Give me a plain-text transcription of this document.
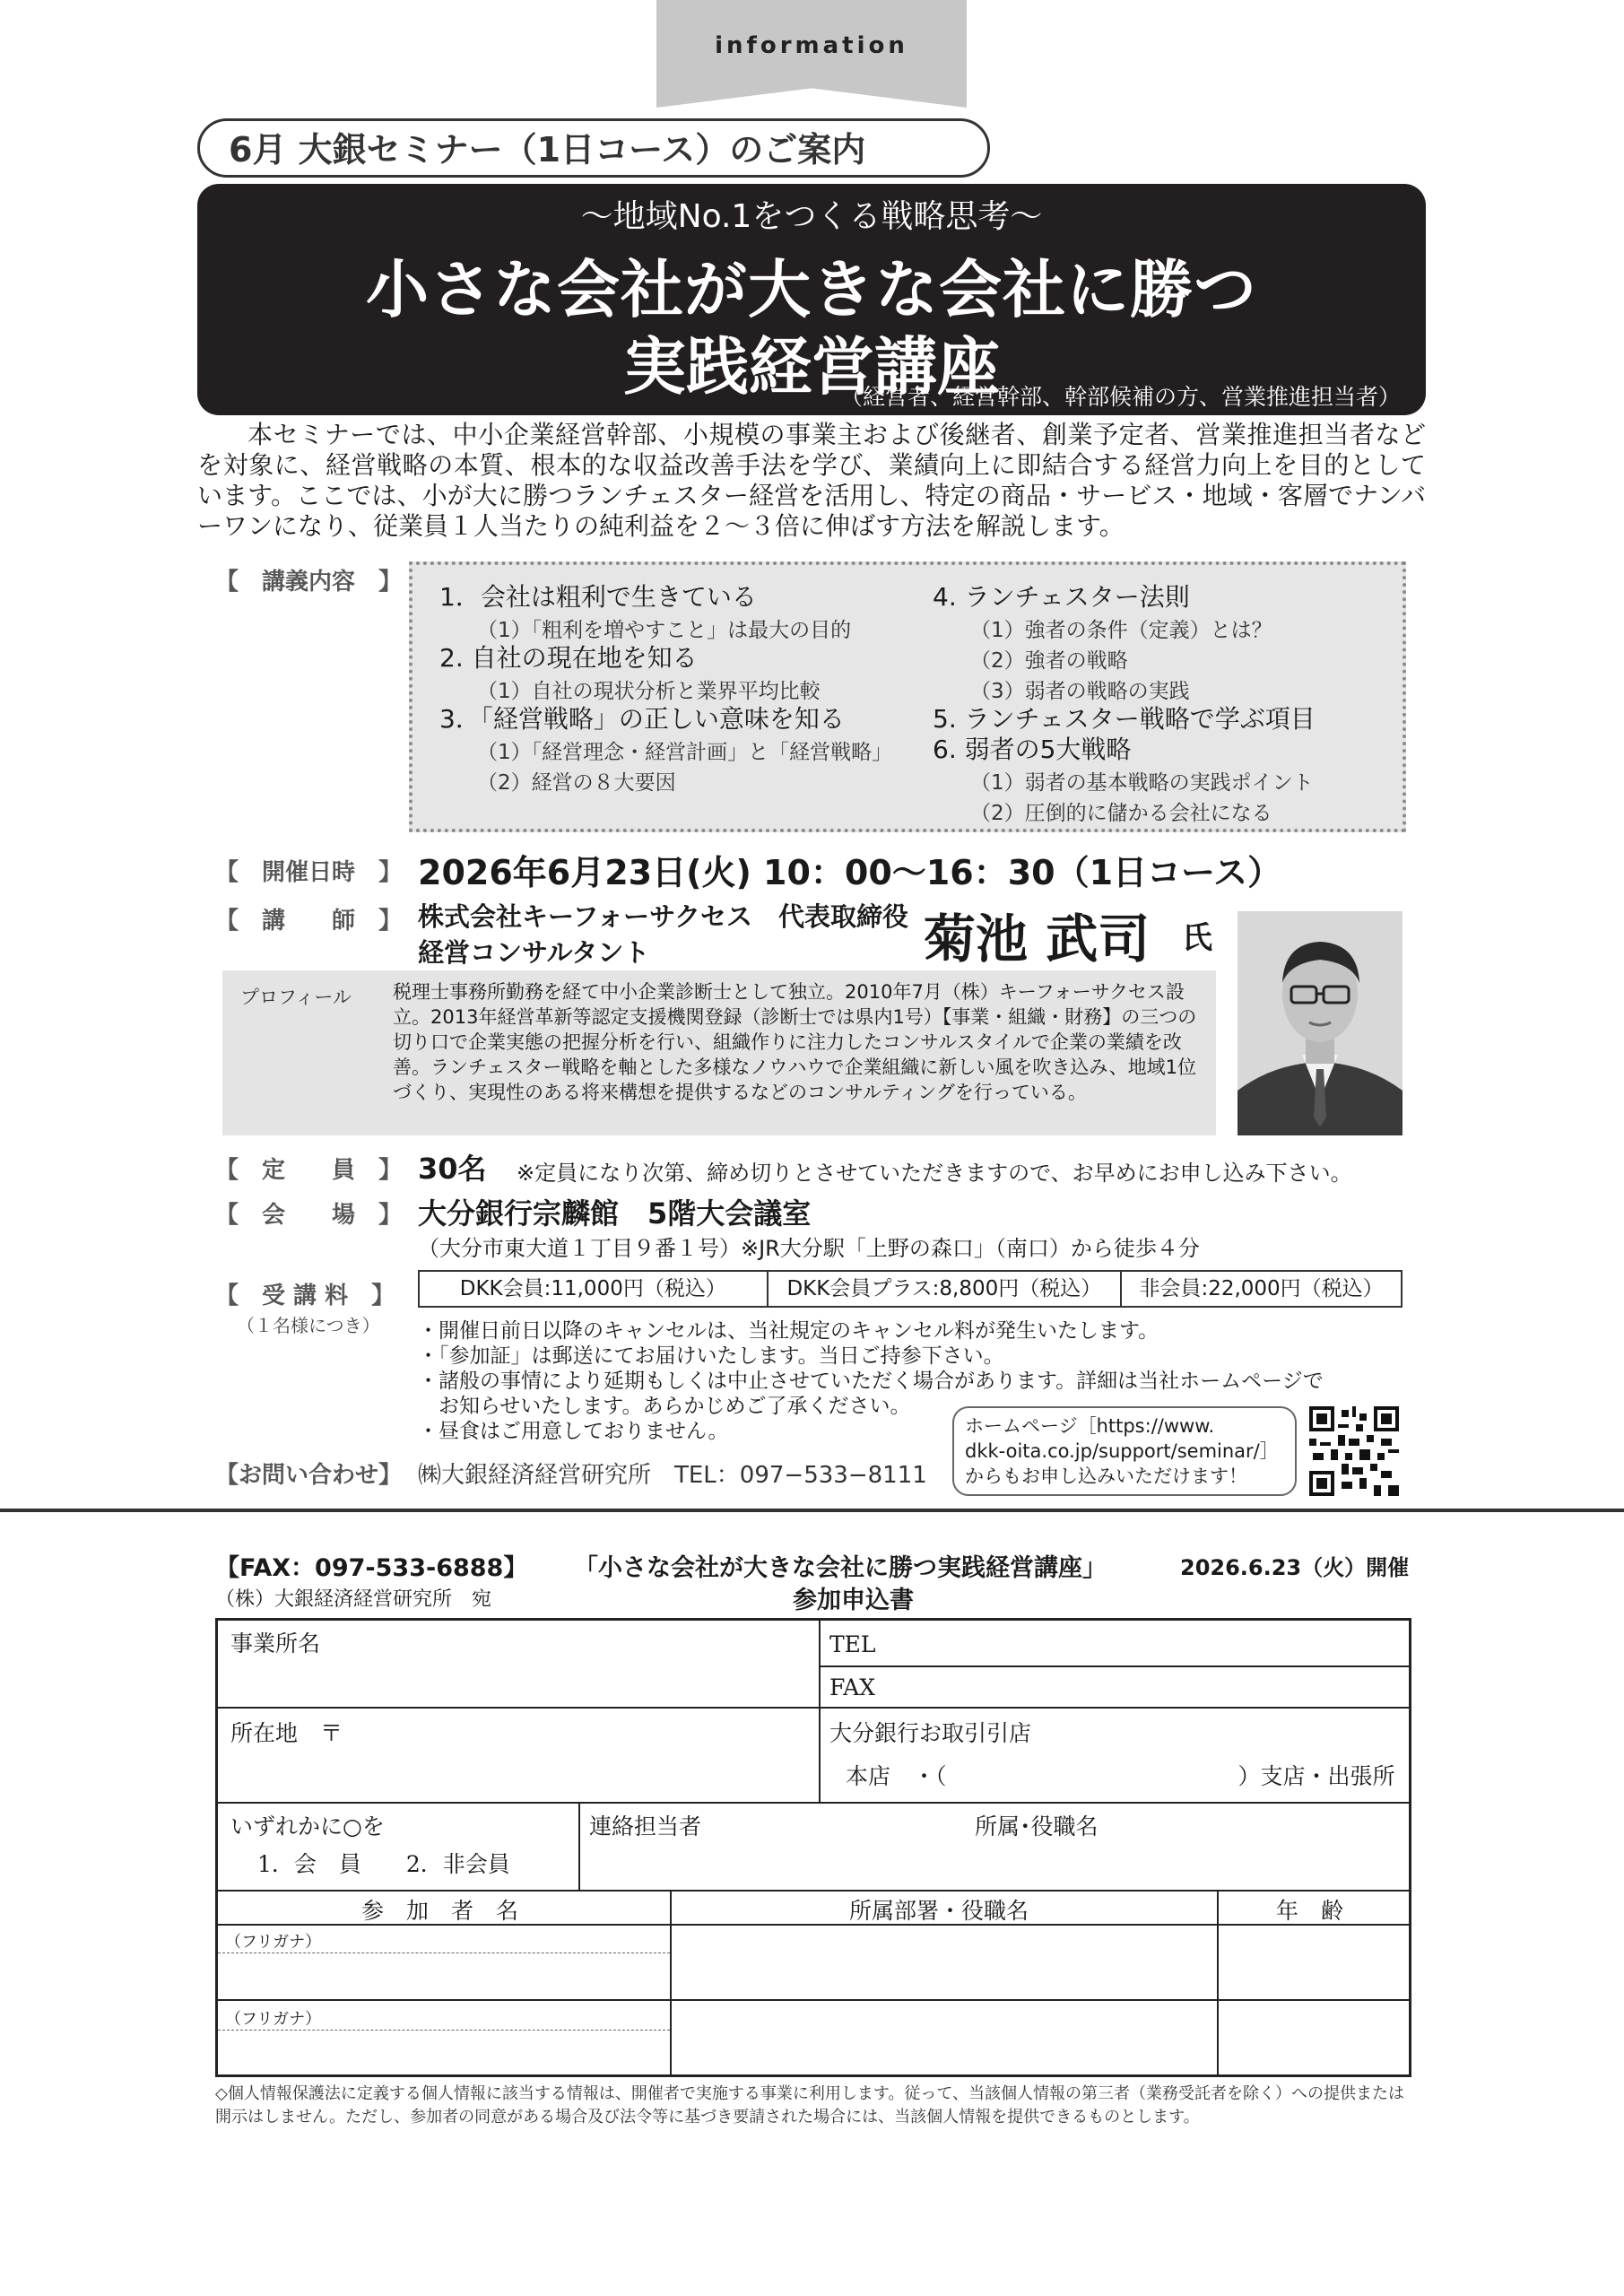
information
6月 大銀セミナー（1日コース）のご案内
〜地域No.1をつくる戦略思考〜
小さな会社が大きな会社に勝つ
実践経営講座
（経営者、経営幹部、幹部候補の方、営業推進担当者）
本セミナーでは、中小企業経営幹部、小規模の事業主および後継者、創業予定者、営業推進担当者などを対象に、経営戦略の本質、根本的な収益改善手法を学び、業績向上に即結合する経営力向上を目的としています。ここでは、小が大に勝つランチェスター経営を活用し、特定の商品・サービス・地域・客層でナンバーワンになり、従業員１人当たりの純利益を２〜３倍に伸ばす方法を解説します。
【　講義内容　】 1．会社は粗利で生きている
（1）「粗利を増やすこと」は最大の目的
2. 自社の現在地を知る
（1）自社の現状分析と業界平均比較
3．「経営戦略」の正しい意味を知る
（1）「経営理念・経営計画」と「経営戦略」
（2）経営の８大要因
4. ランチェスター法則
（1）強者の条件（定義）とは？
（2）強者の戦略
（3）弱者の戦略の実践
5. ランチェスター戦略で学ぶ項目
6. 弱者の5大戦略
（1）弱者の基本戦略の実践ポイント
（2）圧倒的に儲かる会社になる
【　開催日時　】 2026年6月23日(火) 10：00〜16：30（1日コース）
【　講　　師　】 株式会社キーフォーサクセス　代表取締役
経営コンサルタント	菊池 武司 氏
プロフィール 税理士事務所勤務を経て中小企業診断士として独立。2010年7月（株）キーフォーサクセス設立。2013年経営革新等認定支援機関登録（診断士では県内1号）【事業・組織・財務】の三つの切り口で企業実態の把握分析を行い、組織作りに注力したコンサルスタイルで企業の業績を改善。ランチェスター戦略を軸とした多様なノウハウで企業組織に新しい風を吹き込み、地域1位づくり、実現性のある将来構想を提供するなどのコンサルティングを行っている。
【　定　　員　】 30名 ※定員になり次第、締め切りとさせていただきますので、お早めにお申し込み下さい。
【　会　　場　】 大分銀行宗麟館　5階大会議室
（大分市東大道１丁目９番１号）※JR大分駅「上野の森口」（南口）から徒歩４分
【　受 講 料　】
（１名様につき）
DKK会員:11,000円（税込）	DKK会員プラス:8,800円（税込）	非会員:22,000円（税込）
・開催日前日以降のキャンセルは、当社規定のキャンセル料が発生いたします。
・「参加証」は郵送にてお届けいたします。当日ご持参下さい。
・諸般の事情により延期もしくは中止させていただく場合があります。詳細は当社ホームページで
　お知らせいたします。あらかじめご了承ください。
・昼食はご用意しておりません。	ホームページ［https://www.
dkk-oita.co.jp/support/seminar/］
からもお申し込みいただけます！
【お問い合わせ】 ㈱大銀経済経営研究所　TEL：097−533−8111
【FAX：097-533-6888】 「小さな会社が大きな会社に勝つ実践経営講座」	2026.6.23（火）開催
（株）大銀経済経営研究所　宛	参加申込書
事業所名	TEL
FAX
所在地　〒	大分銀行お取引引店
本店　・（　　　　　　　　　　　　　）支店・出張所
いずれかに○を
1．会　員　　2．非会員
連絡担当者	所属･役職名
参　加　者　名	所属部署・役職名	年　齢
（フリガナ）
（フリガナ）
◇個人情報保護法に定義する個人情報に該当する情報は、開催者で実施する事業に利用します。従って、当該個人情報の第三者（業務受託者を除く）への提供または開示はしません。ただし、参加者の同意がある場合及び法令等に基づき要請された場合には、当該個人情報を提供できるものとします。
